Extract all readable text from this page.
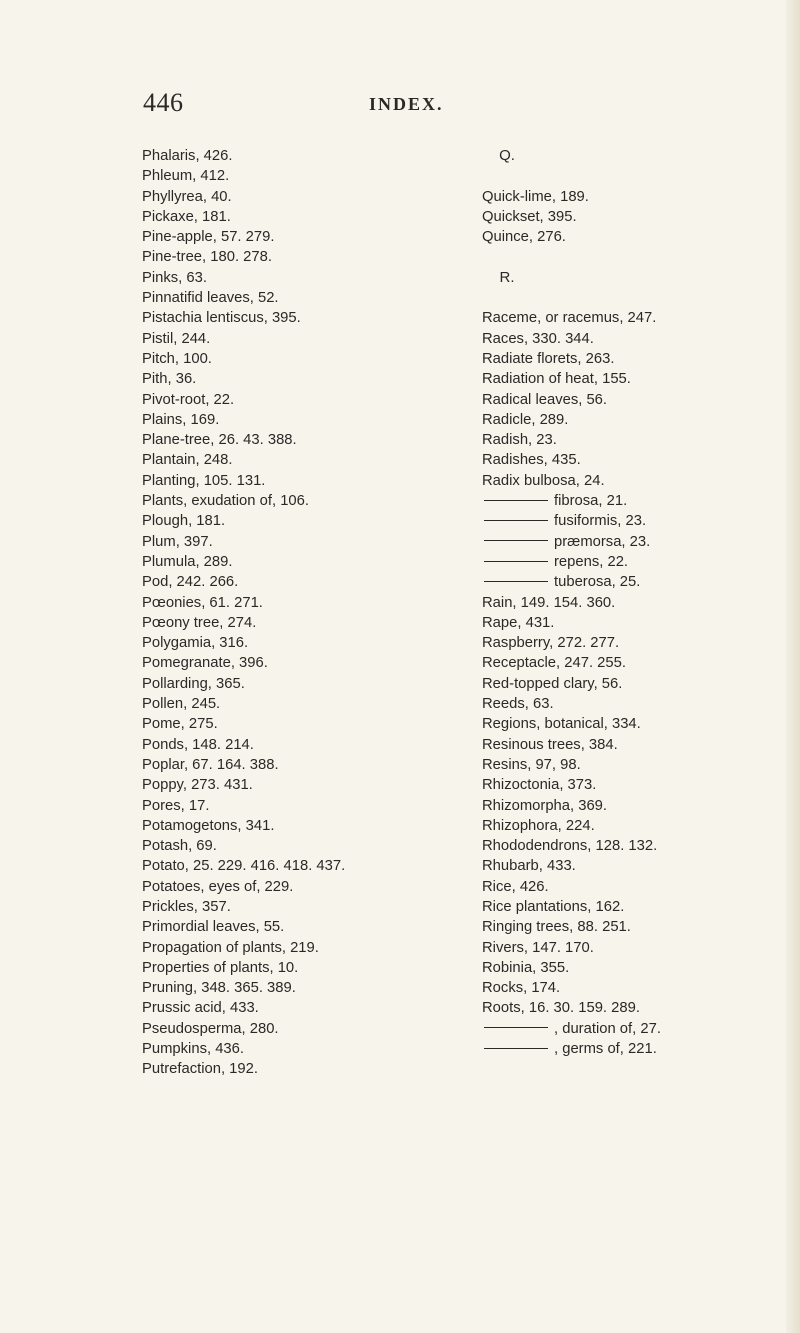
446	INDEX.
Phalaris, 426.
Phleum, 412.
Phyllyrea, 40.
Pickaxe, 181.
Pine-apple, 57. 279.
Pine-tree, 180. 278.
Pinks, 63.
Pinnatifid leaves, 52.
Pistachia lentiscus, 395.
Pistil, 244.
Pitch, 100.
Pith, 36.
Pivot-root, 22.
Plains, 169.
Plane-tree, 26. 43. 388.
Plantain, 248.
Planting, 105. 131.
Plants, exudation of, 106.
Plough, 181.
Plum, 397.
Plumula, 289.
Pod, 242. 266.
Pœonies, 61. 271.
Pœony tree, 274.
Polygamia, 316.
Pomegranate, 396.
Pollarding, 365.
Pollen, 245.
Pome, 275.
Ponds, 148. 214.
Poplar, 67. 164. 388.
Poppy, 273. 431.
Pores, 17.
Potamogetons, 341.
Potash, 69.
Potato, 25. 229. 416. 418. 437.
Potatoes, eyes of, 229.
Prickles, 357.
Primordial leaves, 55.
Propagation of plants, 219.
Properties of plants, 10.
Pruning, 348. 365. 389.
Prussic acid, 433.
Pseudosperma, 280.
Pumpkins, 436.
Putrefaction, 192.
Q.
Quick-lime, 189.
Quickset, 395.
Quince, 276.
R.
Raceme, or racemus, 247.
Races, 330. 344.
Radiate florets, 263.
Radiation of heat, 155.
Radical leaves, 56.
Radicle, 289.
Radish, 23.
Radishes, 435.
Radix bulbosa, 24.
fibrosa, 21.
fusiformis, 23.
præmorsa, 23.
repens, 22.
tuberosa, 25.
Rain, 149. 154. 360.
Rape, 431.
Raspberry, 272. 277.
Receptacle, 247. 255.
Red-topped clary, 56.
Reeds, 63.
Regions, botanical, 334.
Resinous trees, 384.
Resins, 97, 98.
Rhizoctonia, 373.
Rhizomorpha, 369.
Rhizophora, 224.
Rhododendrons, 128. 132.
Rhubarb, 433.
Rice, 426.
Rice plantations, 162.
Ringing trees, 88. 251.
Rivers, 147. 170.
Robinia, 355.
Rocks, 174.
Roots, 16. 30. 159. 289.
, duration of, 27.
, germs of, 221.
